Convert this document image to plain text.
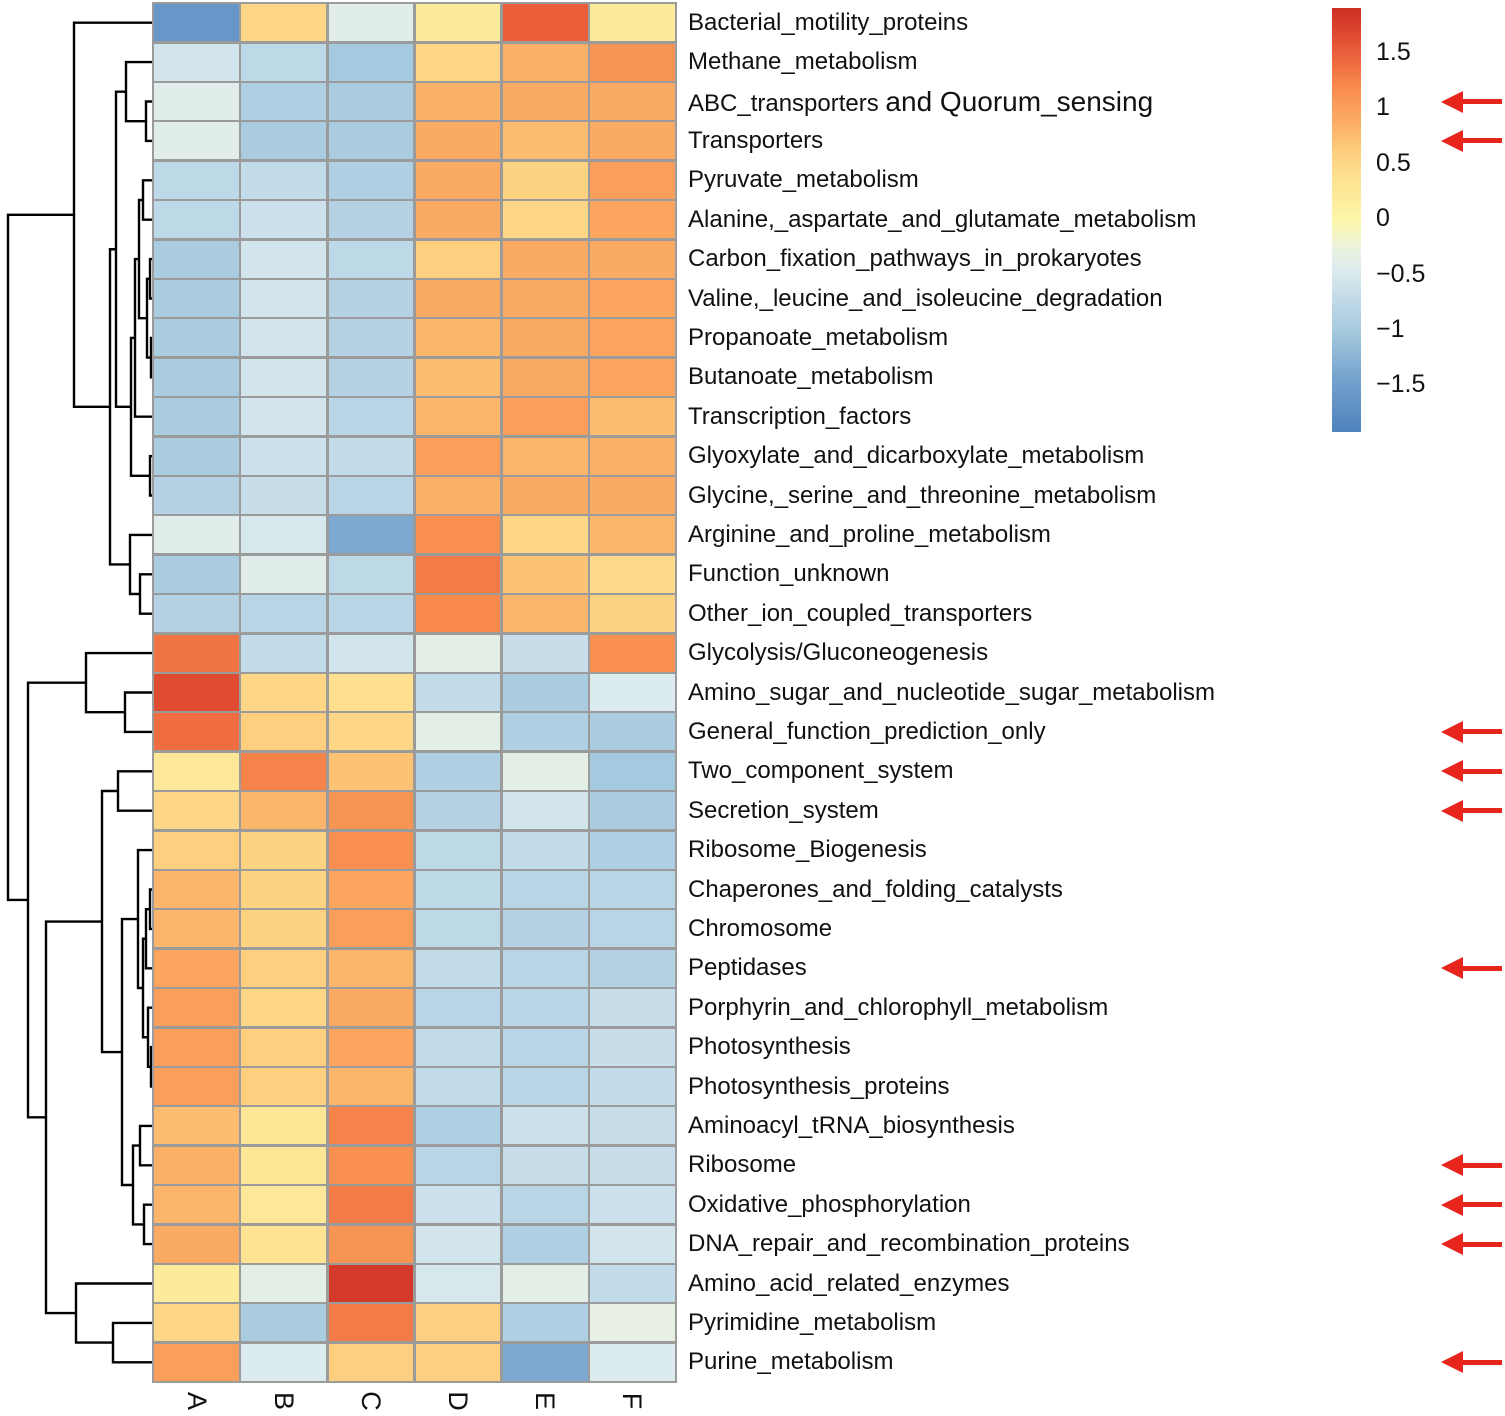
Bacterial_motility_proteins
Methane_metabolism
ABC_transporters and Quorum_sensing
Transporters
Pyruvate_metabolism
Alanine,_aspartate_and_glutamate_metabolism
Carbon_fixation_pathways_in_prokaryotes
Valine,_leucine_and_isoleucine_degradation
Propanoate_metabolism
Butanoate_metabolism
Transcription_factors
Glyoxylate_and_dicarboxylate_metabolism
Glycine,_serine_and_threonine_metabolism
Arginine_and_proline_metabolism
Function_unknown
Other_ion_coupled_transporters
Glycolysis/Gluconeogenesis
Amino_sugar_and_nucleotide_sugar_metabolism
General_function_prediction_only
Two_component_system
Secretion_system
Ribosome_Biogenesis
Chaperones_and_folding_catalysts
Chromosome
Peptidases
Porphyrin_and_chlorophyll_metabolism
Photosynthesis
Photosynthesis_proteins
Aminoacyl_tRNA_biosynthesis
Ribosome
Oxidative_phosphorylation
DNA_repair_and_recombination_proteins
Amino_acid_related_enzymes
Pyrimidine_metabolism
Purine_metabolism
A B C D E F
1.5
1
0.5
0
−0.5
−1
−1.5
